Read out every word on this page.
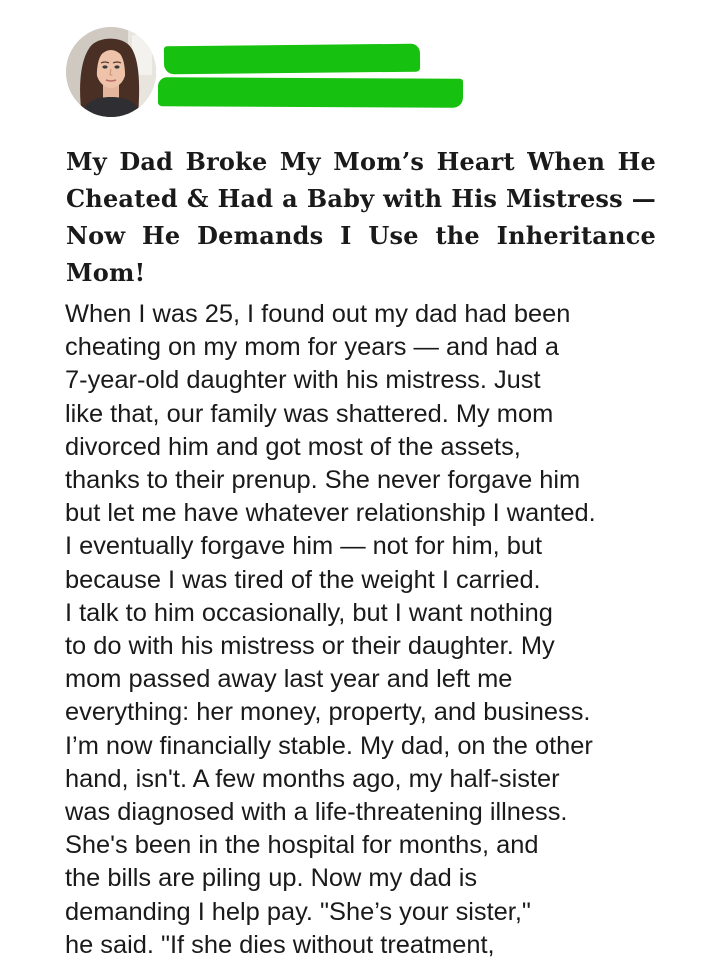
My Dad Broke My Mom’s Heart When He Cheated & Had a Baby with His Mistress — Now He Demands I Use the Inheritance Mom!
When I was 25, I found out my dad had been
cheating on my mom for years — and had a
7-year-old daughter with his mistress. Just
like that, our family was shattered. My mom
divorced him and got most of the assets,
thanks to their prenup. She never forgave him
but let me have whatever relationship I wanted.
I eventually forgave him — not for him, but
because I was tired of the weight I carried.
I talk to him occasionally, but I want nothing
to do with his mistress or their daughter. My
mom passed away last year and left me
everything: her money, property, and business.
I’m now financially stable. My dad, on the other
hand, isn't. A few months ago, my half-sister
was diagnosed with a life-threatening illness.
She's been in the hospital for months, and
the bills are piling up. Now my dad is
demanding I help pay. "She’s your sister,"
he said. "If she dies without treatment,
